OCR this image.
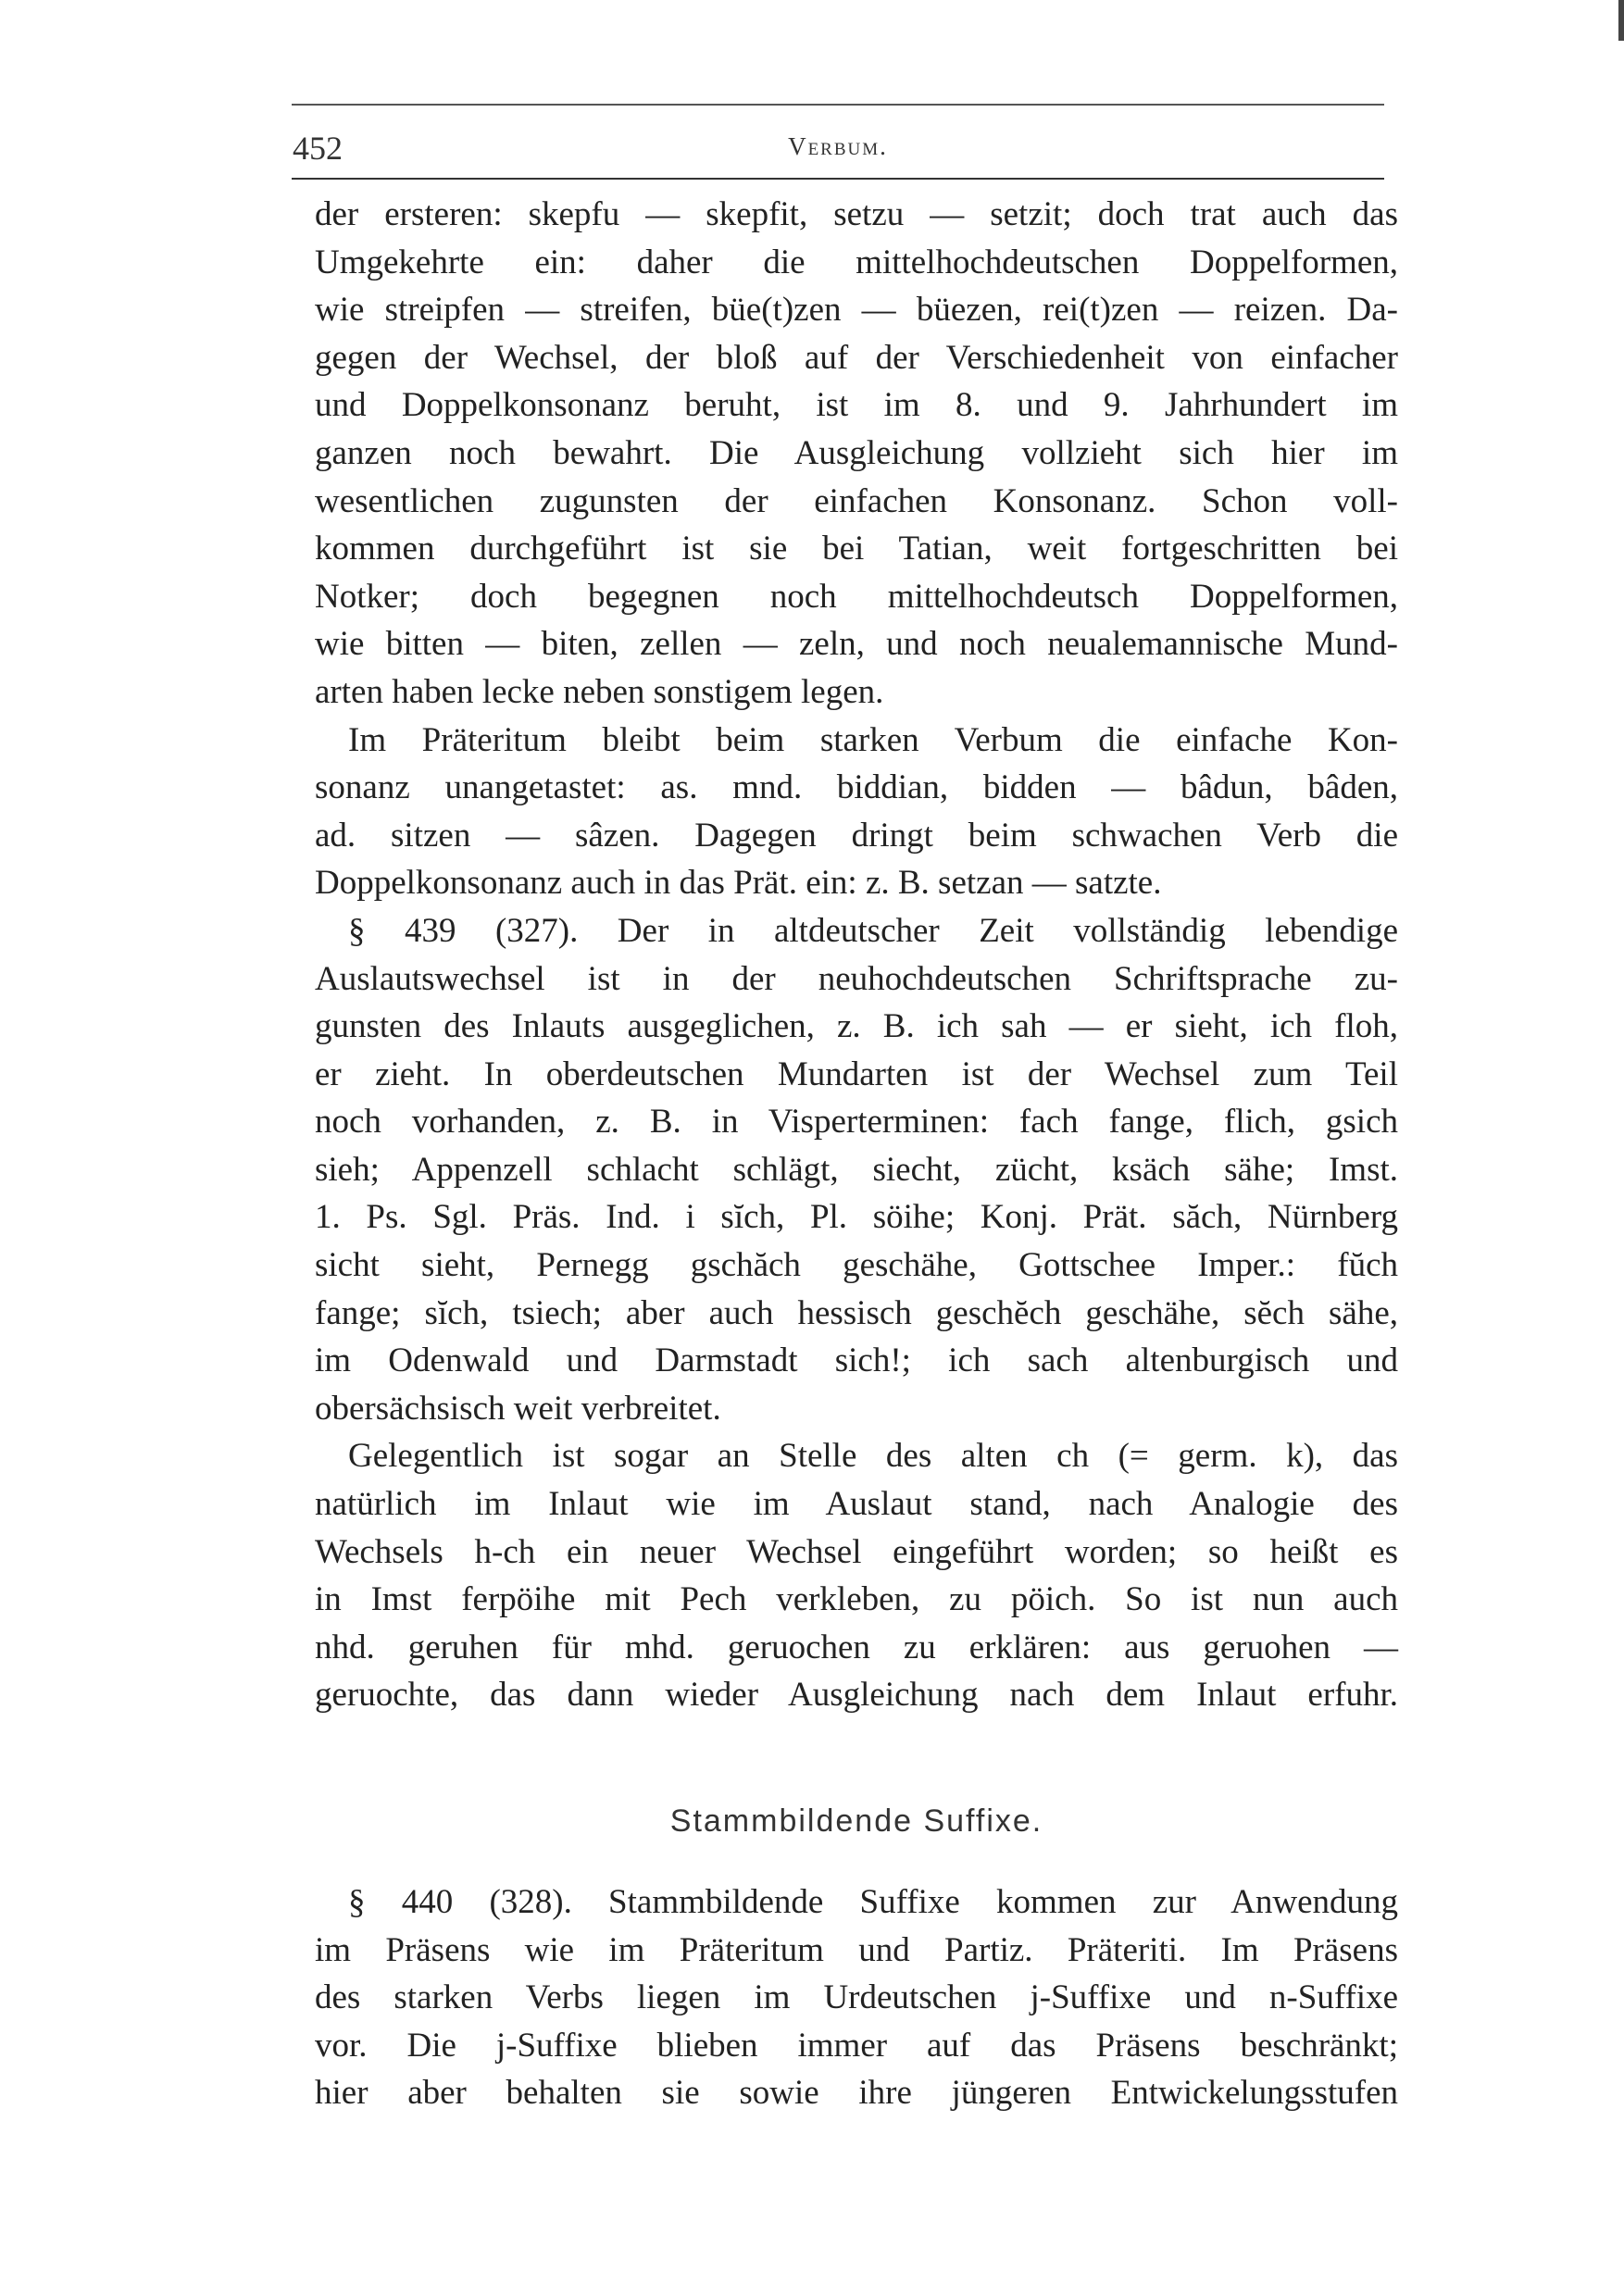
452	Verbum.
der ersteren: skepfu — skepfit, setzu — setzit; doch trat auch das
Umgekehrte ein: daher die mittelhochdeutschen Doppelformen,
wie streipfen — streifen, büe(t)zen — büezen, rei(t)zen — reizen. Da-
gegen der Wechsel, der bloß auf der Verschiedenheit von einfacher
und Doppelkonsonanz beruht, ist im 8. und 9. Jahrhundert im
ganzen noch bewahrt. Die Ausgleichung vollzieht sich hier im
wesentlichen zugunsten der einfachen Konsonanz. Schon voll-
kommen durchgeführt ist sie bei Tatian, weit fortgeschritten bei
Notker; doch begegnen noch mittelhochdeutsch Doppelformen,
wie bitten — biten, zellen — zeln, und noch neualemannische Mund-
arten haben lecke neben sonstigem legen.
Im Präteritum bleibt beim starken Verbum die einfache Kon-
sonanz unangetastet: as. mnd. biddian, bidden — bâdun, bâden,
ad. sitzen — sâzen. Dagegen dringt beim schwachen Verb die
Doppelkonsonanz auch in das Prät. ein: z. B. setzan — satzte.
§ 439 (327). Der in altdeutscher Zeit vollständig lebendige
Auslautswechsel ist in der neuhochdeutschen Schriftsprache zu-
gunsten des Inlauts ausgeglichen, z. B. ich sah — er sieht, ich floh,
er zieht. In oberdeutschen Mundarten ist der Wechsel zum Teil
noch vorhanden, z. B. in Visperterminen: fach fange, flich, gsich
sieh; Appenzell schlacht schlägt, siecht, zücht, ksäch sähe; Imst.
1. Ps. Sgl. Präs. Ind. i sĭch, Pl. söihe; Konj. Prät. săch, Nürnberg
sicht sieht, Pernegg gschăch geschähe, Gottschee Imper.: fŭch
fange; sĭch, tsiech; aber auch hessisch geschĕch geschähe, sĕch sähe,
im Odenwald und Darmstadt sich!; ich sach altenburgisch und
obersächsisch weit verbreitet.
Gelegentlich ist sogar an Stelle des alten ch (= germ. k), das
natürlich im Inlaut wie im Auslaut stand, nach Analogie des
Wechsels h-ch ein neuer Wechsel eingeführt worden; so heißt es
in Imst ferpöihe mit Pech verkleben, zu pöich. So ist nun auch
nhd. geruhen für mhd. geruochen zu erklären: aus geruohen —
geruochte, das dann wieder Ausgleichung nach dem Inlaut erfuhr.
Stammbildende Suffixe.
§ 440 (328). Stammbildende Suffixe kommen zur Anwendung
im Präsens wie im Präteritum und Partiz. Präteriti. Im Präsens
des starken Verbs liegen im Urdeutschen j-Suffixe und n-Suffixe
vor. Die j-Suffixe blieben immer auf das Präsens beschränkt;
hier aber behalten sie sowie ihre jüngeren Entwickelungsstufen
